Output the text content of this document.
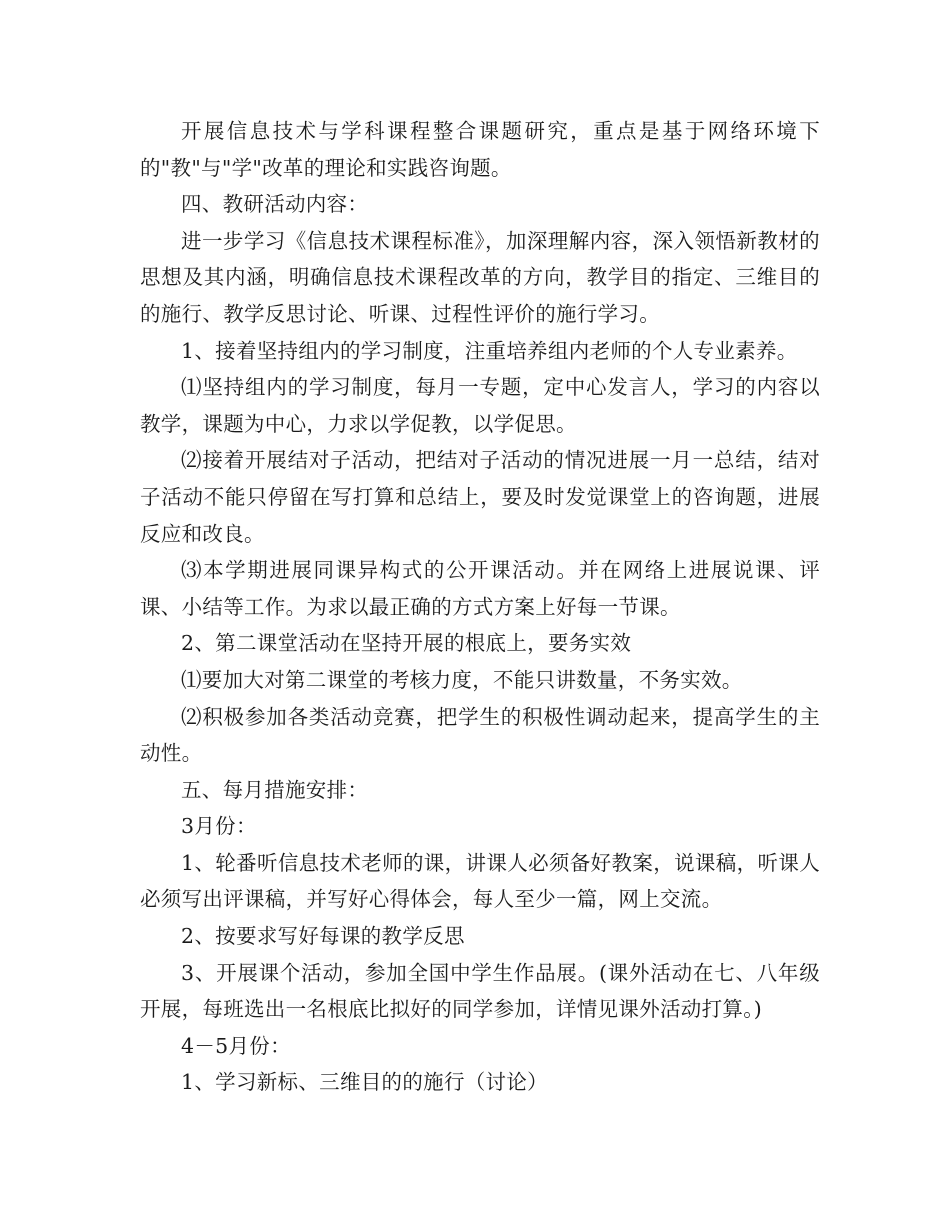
开展信息技术与学科课程整合课题研究，重点是基于网络环境下的"教"与"学"改革的理论和实践咨询题。

四、教研活动内容：

进一步学习《信息技术课程标准》，加深理解内容，深入领悟新教材的思想及其内涵，明确信息技术课程改革的方向，教学目的指定、三维目的的施行、教学反思讨论、听课、过程性评价的施行学习。

1、接着坚持组内的学习制度，注重培养组内老师的个人专业素养。

⑴坚持组内的学习制度，每月一专题，定中心发言人，学习的内容以教学，课题为中心，力求以学促教，以学促思。

⑵接着开展结对子活动，把结对子活动的情况进展一月一总结，结对子活动不能只停留在写打算和总结上，要及时发觉课堂上的咨询题，进展反应和改良。

⑶本学期进展同课异构式的公开课活动。并在网络上进展说课、评课、小结等工作。为求以最正确的方式方案上好每一节课。

2、第二课堂活动在坚持开展的根底上，要务实效

⑴要加大对第二课堂的考核力度，不能只讲数量，不务实效。

⑵积极参加各类活动竞赛，把学生的积极性调动起来，提高学生的主动性。

五、每月措施安排：

3月份：

1、轮番听信息技术老师的课，讲课人必须备好教案，说课稿，听课人必须写出评课稿，并写好心得体会，每人至少一篇，网上交流。

2、按要求写好每课的教学反思

3、开展课个活动，参加全国中学生作品展。(课外活动在七、八年级开展，每班选出一名根底比拟好的同学参加，详情见课外活动打算。)

4－5月份：

1、学习新标、三维目的的施行（讨论）
